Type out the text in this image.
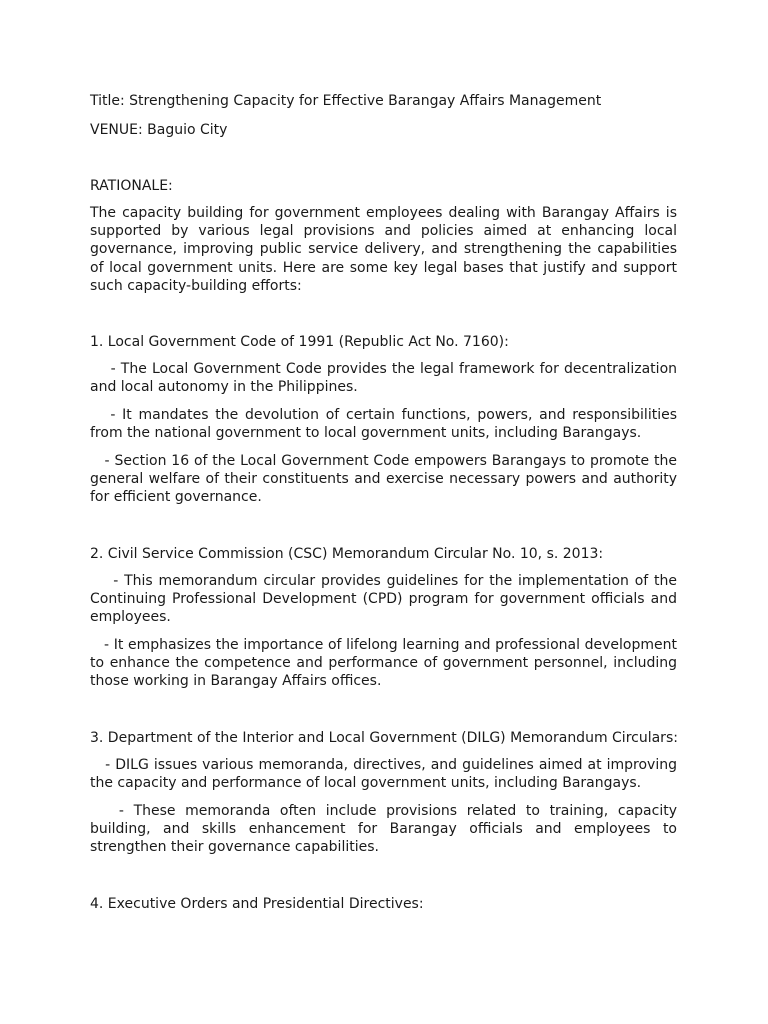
Title: Strengthening Capacity for Effective Barangay Affairs Management
VENUE: Baguio City
RATIONALE:
The capacity building for government employees dealing with Barangay Affairs is supported by various legal provisions and policies aimed at enhancing local governance, improving public service delivery, and strengthening the capabilities of local government units. Here are some key legal bases that justify and support such capacity-building efforts:
1. Local Government Code of 1991 (Republic Act No. 7160):
- The Local Government Code provides the legal framework for decentralization and local autonomy in the Philippines.
- It mandates the devolution of certain functions, powers, and responsibilities from the national government to local government units, including Barangays.
- Section 16 of the Local Government Code empowers Barangays to promote the general welfare of their constituents and exercise necessary powers and authority for efficient governance.
2. Civil Service Commission (CSC) Memorandum Circular No. 10, s. 2013:
- This memorandum circular provides guidelines for the implementation of the Continuing Professional Development (CPD) program for government officials and employees.
- It emphasizes the importance of lifelong learning and professional development to enhance the competence and performance of government personnel, including those working in Barangay Affairs offices.
3. Department of the Interior and Local Government (DILG) Memorandum Circulars:
- DILG issues various memoranda, directives, and guidelines aimed at improving the capacity and performance of local government units, including Barangays.
- These memoranda often include provisions related to training, capacity building, and skills enhancement for Barangay officials and employees to strengthen their governance capabilities.
4. Executive Orders and Presidential Directives:
